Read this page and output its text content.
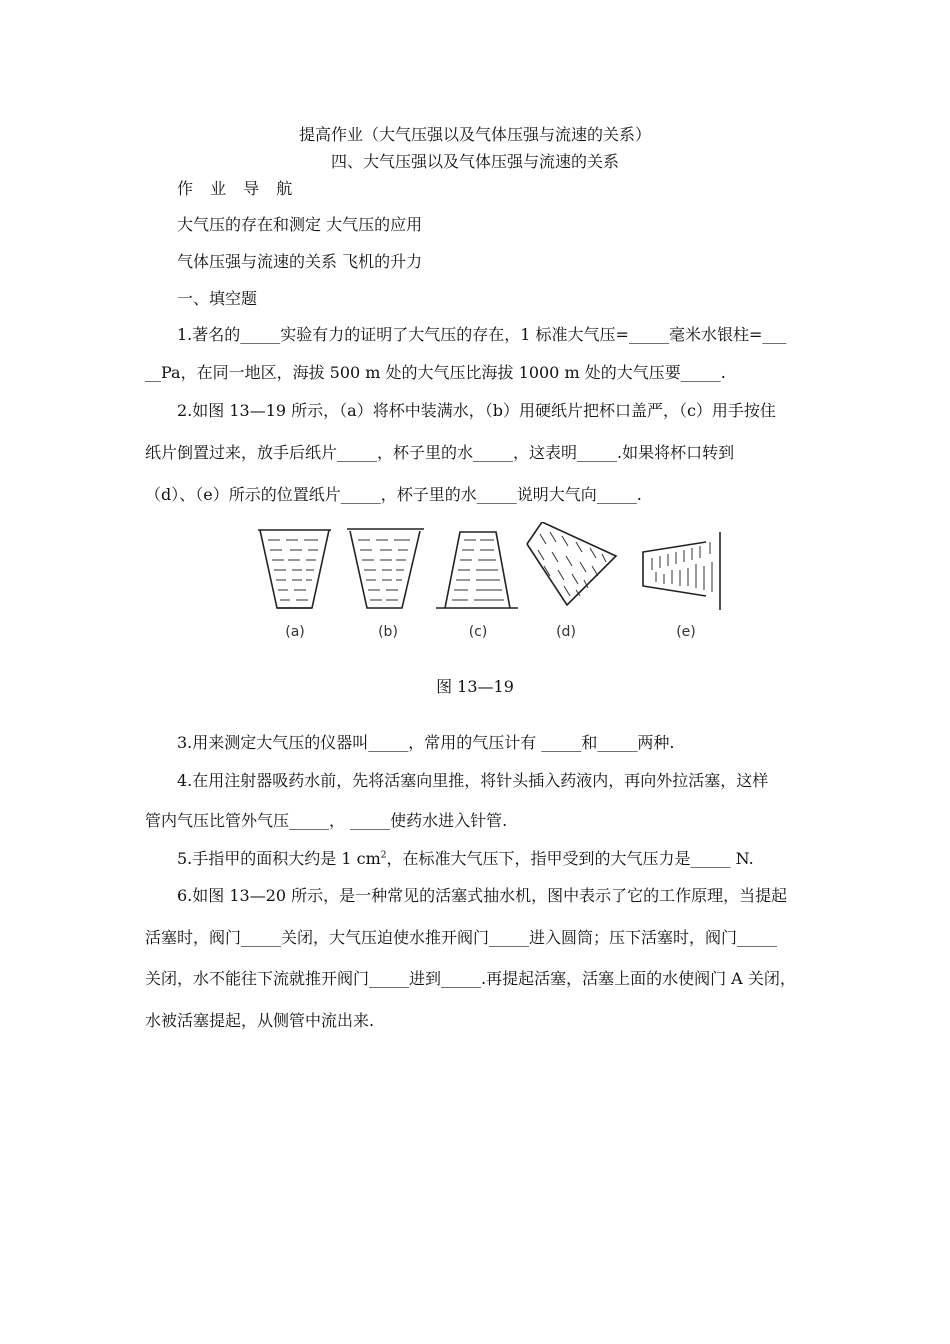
提高作业（大气压强以及气体压强与流速的关系）
四、大气压强以及气体压强与流速的关系
作 业 导 航
大气压的存在和测定 大气压的应用
气体压强与流速的关系 飞机的升力
一、填空题
1.著名的_____实验有力的证明了大气压的存在，1 标准大气压=_____毫米水银柱=___
__Pa，在同一地区，海拔 500 m 处的大气压比海拔 1000 m 处的大气压要_____.
2.如图 13—19 所示，（a）将杯中装满水，（b）用硬纸片把杯口盖严，（c）用手按住
纸片倒置过来，放手后纸片_____，杯子里的水_____，这表明_____.如果将杯口转到
（d）、（e）所示的位置纸片_____，杯子里的水_____说明大气向_____.
(a)	(b)	(c)	(d)	(e)
图 13—19
3.用来测定大气压的仪器叫_____，常用的气压计有 _____和_____两种.
4.在用注射器吸药水前，先将活塞向里推，将针头插入药液内，再向外拉活塞，这样
管内气压比管外气压_____， _____使药水进入针管.
5.手指甲的面积大约是 1 $cm^2$，在标准大气压下，指甲受到的大气压力是_____ N.
6.如图 13—20 所示，是一种常见的活塞式抽水机，图中表示了它的工作原理，当提起
活塞时，阀门_____关闭，大气压迫使水推开阀门_____进入圆筒；压下活塞时，阀门_____
关闭，水不能往下流就推开阀门_____进到_____.再提起活塞，活塞上面的水使阀门 A 关闭，
水被活塞提起，从侧管中流出来.
